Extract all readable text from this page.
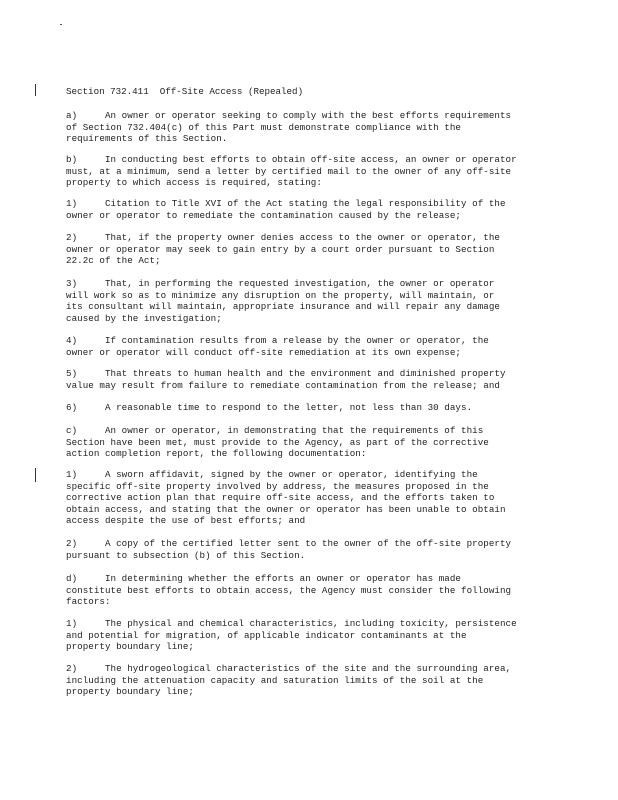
Section 732.411  Off-Site Access (Repealed)
a)     An owner or operator seeking to comply with the best efforts requirements
of Section 732.404(c) of this Part must demonstrate compliance with the
requirements of this Section.
b)     In conducting best efforts to obtain off-site access, an owner or operator
must, at a minimum, send a letter by certified mail to the owner of any off-site
property to which access is required, stating:
1)     Citation to Title XVI of the Act stating the legal responsibility of the
owner or operator to remediate the contamination caused by the release;
2)     That, if the property owner denies access to the owner or operator, the
owner or operator may seek to gain entry by a court order pursuant to Section
22.2c of the Act;
3)     That, in performing the requested investigation, the owner or operator
will work so as to minimize any disruption on the property, will maintain, or
its consultant will maintain, appropriate insurance and will repair any damage
caused by the investigation;
4)     If contamination results from a release by the owner or operator, the
owner or operator will conduct off-site remediation at its own expense;
5)     That threats to human health and the environment and diminished property
value may result from failure to remediate contamination from the release; and
6)     A reasonable time to respond to the letter, not less than 30 days.
c)     An owner or operator, in demonstrating that the requirements of this
Section have been met, must provide to the Agency, as part of the corrective
action completion report, the following documentation:
1)     A sworn affidavit, signed by the owner or operator, identifying the
specific off-site property involved by address, the measures proposed in the
corrective action plan that require off-site access, and the efforts taken to
obtain access, and stating that the owner or operator has been unable to obtain
access despite the use of best efforts; and
2)     A copy of the certified letter sent to the owner of the off-site property
pursuant to subsection (b) of this Section.
d)     In determining whether the efforts an owner or operator has made
constitute best efforts to obtain access, the Agency must consider the following
factors:
1)     The physical and chemical characteristics, including toxicity, persistence
and potential for migration, of applicable indicator contaminants at the
property boundary line;
2)     The hydrogeological characteristics of the site and the surrounding area,
including the attenuation capacity and saturation limits of the soil at the
property boundary line;
